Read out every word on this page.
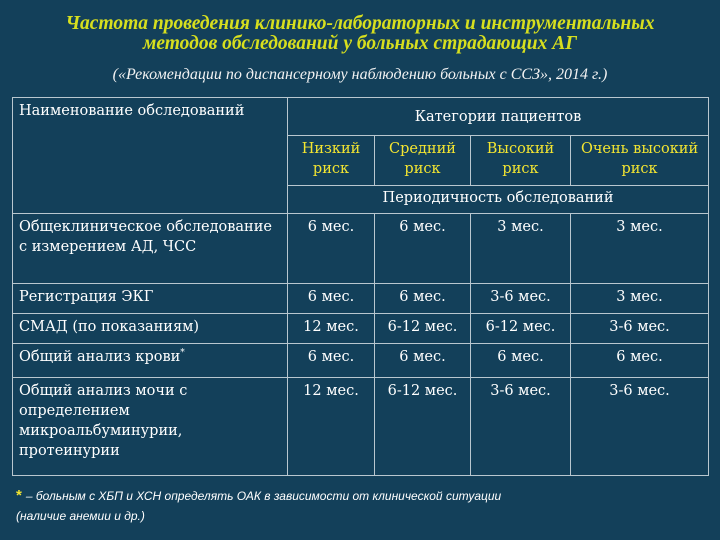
Частота проведения клинико-лабораторных и инструментальных
методов обследований у больных страдающих АГ
(«Рекомендации по диспансерному наблюдению больных с ССЗ», 2014 г.)
Наименование обследований	Категории пациентов			
	Низкий риск	Средний риск	Высокий риск	Очень высокий риск
	Периодичность обследований			
Общеклиническое обследование с измерением АД, ЧСС	6 мес.	6 мес.	3 мес.	3 мес.
Регистрация ЭКГ	6 мес.	6 мес.	3-6 мес.	3 мес.
СМАД (по показаниям)	12 мес.	6-12 мес.	6-12 мес.	3-6 мес.
Общий анализ крови*	6 мес.	6 мес.	6 мес.	6 мес.
Общий анализ мочи с определением микроальбуминурии, протеинурии	12 мес.	6-12 мес.	3-6 мес.	3-6 мес.
* – больным с ХБП и ХСН определять ОАК в зависимости от клинической ситуации
(наличие анемии и др.)
